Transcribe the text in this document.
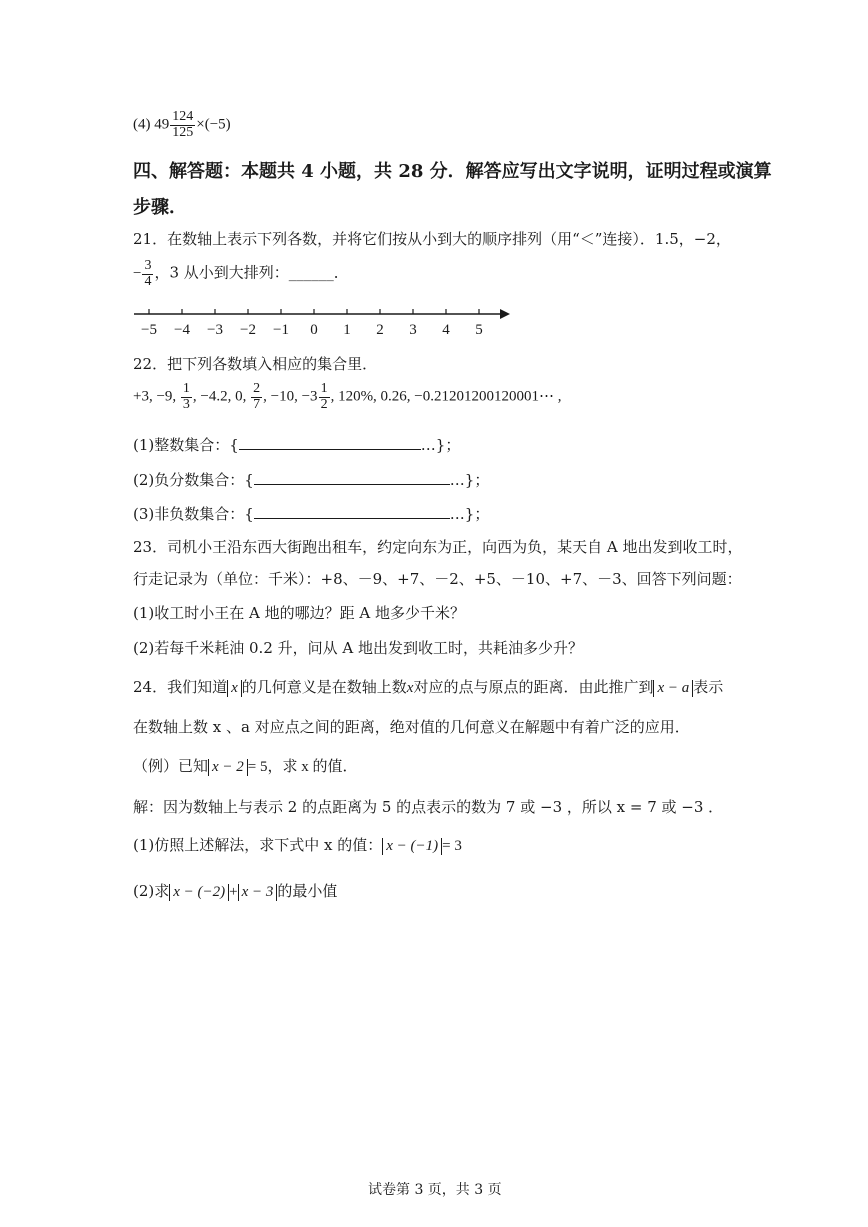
(4) $49 \frac{124}{125} \times(-5)$
四、解答题：本题共 4 小题，共 28 分．解答应写出文字说明，证明过程或演算
步骤．
21．在数轴上表示下列各数，并将它们按从小到大的顺序排列（用“＜”连接）．1.5，−2，
− $\frac{3}{4}$ ，3 从小到大排列：______．
−5 −4 −3 −2 −1 0 1 2 3 4 5
22．把下列各数填入相应的集合里．
+3, −9, $\frac{1}{3}$ , −4.2, 0, $\frac{2}{7}$ , −10, $-3 \frac{1}{2}$ , 120%, 0.26, −0.21201200120001⋯ ,
(1)整数集合：{	…}；
(2)负分数集合：{	…}；
(3)非负数集合：{	…}；
23．司机小王沿东西大街跑出租车，约定向东为正，向西为负，某天自 A 地出发到收工时，
行走记录为（单位：千米）：+8、－9、+7、－2、+5、－10、+7、－3、回答下列问题：
(1)收工时小王在 A 地的哪边？距 A 地多少千米？
(2)若每千米耗油 0.2 升，问从 A 地出发到收工时，共耗油多少升？
24．我们知道 x 的几何意义是在数轴上数x对应的点与原点的距离．由此推广到 x − a 表示
在数轴上数 x 、a 对应点之间的距离，绝对值的几何意义在解题中有着广泛的应用．
（例）已知 x − 2 = 5，求 x 的值．
解：因为数轴上与表示 2 的点距离为 5 的点表示的数为 7 或 −3 ，所以 x = 7 或 −3 ．
(1)仿照上述解法，求下式中 x 的值： x − (−1) = 3
(2)求 x − (−2) + x − 3 的最小值
试卷第 3 页，共 3 页
